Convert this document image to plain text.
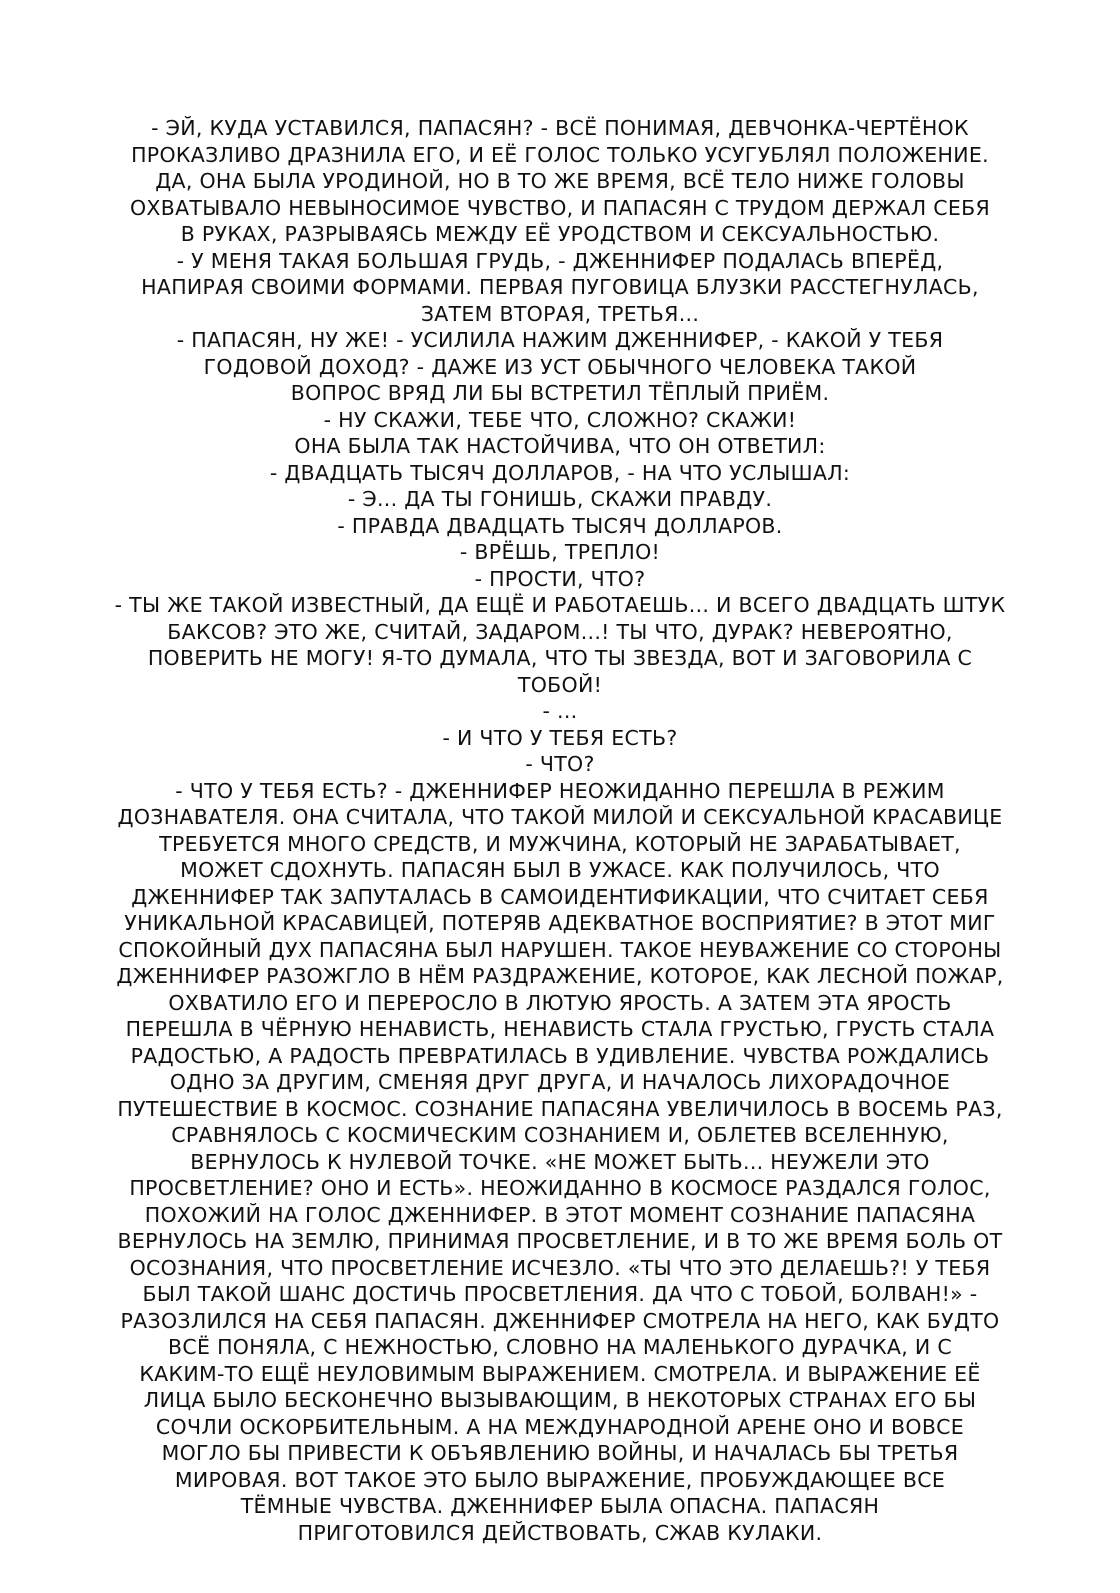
- ЭЙ, КУДА УСТАВИЛСЯ, ПАПАСЯН? - ВСЁ ПОНИМАЯ, ДЕВЧОНКА-ЧЕРТЁНОК
ПРОКАЗЛИВО ДРАЗНИЛА ЕГО, И ЕЁ ГОЛОС ТОЛЬКО УСУГУБЛЯЛ ПОЛОЖЕНИЕ.
ДА, ОНА БЫЛА УРОДИНОЙ, НО В ТО ЖЕ ВРЕМЯ, ВСЁ ТЕЛО НИЖЕ ГОЛОВЫ
ОХВАТЫВАЛО НЕВЫНОСИМОЕ ЧУВСТВО, И ПАПАСЯН С ТРУДОМ ДЕРЖАЛ СЕБЯ
В РУКАХ, РАЗРЫВАЯСЬ МЕЖДУ ЕЁ УРОДСТВОМ И СЕКСУАЛЬНОСТЬЮ.
- У МЕНЯ ТАКАЯ БОЛЬШАЯ ГРУДЬ, - ДЖЕННИФЕР ПОДАЛАСЬ ВПЕРЁД,
НАПИРАЯ СВОИМИ ФОРМАМИ. ПЕРВАЯ ПУГОВИЦА БЛУЗКИ РАССТЕГНУЛАСЬ,
ЗАТЕМ ВТОРАЯ, ТРЕТЬЯ...
- ПАПАСЯН, НУ ЖЕ! - УСИЛИЛА НАЖИМ ДЖЕННИФЕР, - КАКОЙ У ТЕБЯ
ГОДОВОЙ ДОХОД? - ДАЖЕ ИЗ УСТ ОБЫЧНОГО ЧЕЛОВЕКА ТАКОЙ
ВОПРОС ВРЯД ЛИ БЫ ВСТРЕТИЛ ТЁПЛЫЙ ПРИЁМ.
- НУ СКАЖИ, ТЕБЕ ЧТО, СЛОЖНО? СКАЖИ!
ОНА БЫЛА ТАК НАСТОЙЧИВА, ЧТО ОН ОТВЕТИЛ:
- ДВАДЦАТЬ ТЫСЯЧ ДОЛЛАРОВ, - НА ЧТО УСЛЫШАЛ:
- Э... ДА ТЫ ГОНИШЬ, СКАЖИ ПРАВДУ.
- ПРАВДА ДВАДЦАТЬ ТЫСЯЧ ДОЛЛАРОВ.
- ВРЁШЬ, ТРЕПЛО!
- ПРОСТИ, ЧТО?
- ТЫ ЖЕ ТАКОЙ ИЗВЕСТНЫЙ, ДА ЕЩЁ И РАБОТАЕШЬ... И ВСЕГО ДВАДЦАТЬ ШТУК
БАКСОВ? ЭТО ЖЕ, СЧИТАЙ, ЗАДАРОМ...! ТЫ ЧТО, ДУРАК? НЕВЕРОЯТНО,
ПОВЕРИТЬ НЕ МОГУ! Я-ТО ДУМАЛА, ЧТО ТЫ ЗВЕЗДА, ВОТ И ЗАГОВОРИЛА С
ТОБОЙ!
- ...
- И ЧТО У ТЕБЯ ЕСТЬ?
- ЧТО?
- ЧТО У ТЕБЯ ЕСТЬ? - ДЖЕННИФЕР НЕОЖИДАННО ПЕРЕШЛА В РЕЖИМ
ДОЗНАВАТЕЛЯ. ОНА СЧИТАЛА, ЧТО ТАКОЙ МИЛОЙ И СЕКСУАЛЬНОЙ КРАСАВИЦЕ
ТРЕБУЕТСЯ МНОГО СРЕДСТВ, И МУЖЧИНА, КОТОРЫЙ НЕ ЗАРАБАТЫВАЕТ,
МОЖЕТ СДОХНУТЬ. ПАПАСЯН БЫЛ В УЖАСЕ. КАК ПОЛУЧИЛОСЬ, ЧТО
ДЖЕННИФЕР ТАК ЗАПУТАЛАСЬ В САМОИДЕНТИФИКАЦИИ, ЧТО СЧИТАЕТ СЕБЯ
УНИКАЛЬНОЙ КРАСАВИЦЕЙ, ПОТЕРЯВ АДЕКВАТНОЕ ВОСПРИЯТИЕ? В ЭТОТ МИГ
СПОКОЙНЫЙ ДУХ ПАПАСЯНА БЫЛ НАРУШЕН. ТАКОЕ НЕУВАЖЕНИЕ СО СТОРОНЫ
ДЖЕННИФЕР РАЗОЖГЛО В НЁМ РАЗДРАЖЕНИЕ, КОТОРОЕ, КАК ЛЕСНОЙ ПОЖАР,
ОХВАТИЛО ЕГО И ПЕРЕРОСЛО В ЛЮТУЮ ЯРОСТЬ. А ЗАТЕМ ЭТА ЯРОСТЬ
ПЕРЕШЛА В ЧЁРНУЮ НЕНАВИСТЬ, НЕНАВИСТЬ СТАЛА ГРУСТЬЮ, ГРУСТЬ СТАЛА
РАДОСТЬЮ, А РАДОСТЬ ПРЕВРАТИЛАСЬ В УДИВЛЕНИЕ. ЧУВСТВА РОЖДАЛИСЬ
ОДНО ЗА ДРУГИМ, СМЕНЯЯ ДРУГ ДРУГА, И НАЧАЛОСЬ ЛИХОРАДОЧНОЕ
ПУТЕШЕСТВИЕ В КОСМОС. СОЗНАНИЕ ПАПАСЯНА УВЕЛИЧИЛОСЬ В ВОСЕМЬ РАЗ,
СРАВНЯЛОСЬ С КОСМИЧЕСКИМ СОЗНАНИЕМ И, ОБЛЕТЕВ ВСЕЛЕННУЮ,
ВЕРНУЛОСЬ К НУЛЕВОЙ ТОЧКЕ. «НЕ МОЖЕТ БЫТЬ... НЕУЖЕЛИ ЭТО
ПРОСВЕТЛЕНИЕ? ОНО И ЕСТЬ». НЕОЖИДАННО В КОСМОСЕ РАЗДАЛСЯ ГОЛОС,
ПОХОЖИЙ НА ГОЛОС ДЖЕННИФЕР. В ЭТОТ МОМЕНТ СОЗНАНИЕ ПАПАСЯНА
ВЕРНУЛОСЬ НА ЗЕМЛЮ, ПРИНИМАЯ ПРОСВЕТЛЕНИЕ, И В ТО ЖЕ ВРЕМЯ БОЛЬ ОТ
ОСОЗНАНИЯ, ЧТО ПРОСВЕТЛЕНИЕ ИСЧЕЗЛО. «ТЫ ЧТО ЭТО ДЕЛАЕШЬ?! У ТЕБЯ
БЫЛ ТАКОЙ ШАНС ДОСТИЧЬ ПРОСВЕТЛЕНИЯ. ДА ЧТО С ТОБОЙ, БОЛВАН!» -
РАЗОЗЛИЛСЯ НА СЕБЯ ПАПАСЯН. ДЖЕННИФЕР СМОТРЕЛА НА НЕГО, КАК БУДТО
ВСЁ ПОНЯЛА, С НЕЖНОСТЬЮ, СЛОВНО НА МАЛЕНЬКОГО ДУРАЧКА, И С
КАКИМ-ТО ЕЩЁ НЕУЛОВИМЫМ ВЫРАЖЕНИЕМ. СМОТРЕЛА. И ВЫРАЖЕНИЕ ЕЁ
ЛИЦА БЫЛО БЕСКОНЕЧНО ВЫЗЫВАЮЩИМ, В НЕКОТОРЫХ СТРАНАХ ЕГО БЫ
СОЧЛИ ОСКОРБИТЕЛЬНЫМ. А НА МЕЖДУНАРОДНОЙ АРЕНЕ ОНО И ВОВСЕ
МОГЛО БЫ ПРИВЕСТИ К ОБЪЯВЛЕНИЮ ВОЙНЫ, И НАЧАЛАСЬ БЫ ТРЕТЬЯ
МИРОВАЯ. ВОТ ТАКОЕ ЭТО БЫЛО ВЫРАЖЕНИЕ, ПРОБУЖДАЮЩЕЕ ВСЕ
ТЁМНЫЕ ЧУВСТВА. ДЖЕННИФЕР БЫЛА ОПАСНА. ПАПАСЯН
ПРИГОТОВИЛСЯ ДЕЙСТВОВАТЬ, СЖАВ КУЛАКИ.
